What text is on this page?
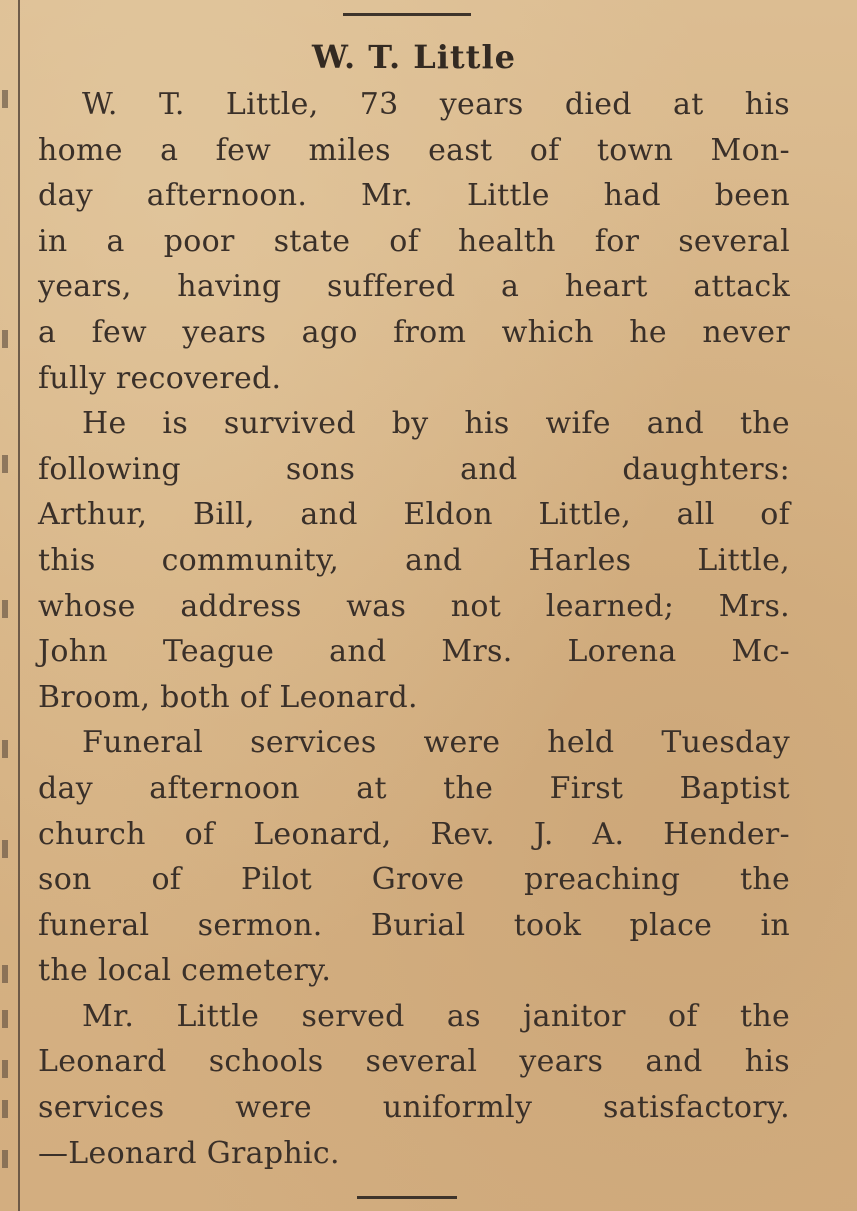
W. T. Little
W. T. Little, 73 years died at his
home a few miles east of town Mon-
day afternoon. Mr. Little had been
in a poor state of health for several
years, having suffered a heart attack
a few years ago from which he never
fully recovered.
He is survived by his wife and the
following sons and daughters:
Arthur, Bill, and Eldon Little, all of
this community, and Harles Little,
whose address was not learned; Mrs.
John Teague and Mrs. Lorena Mc-
Broom, both of Leonard.
Funeral services were held Tuesday
day afternoon at the First Baptist
church of Leonard, Rev. J. A. Hender-
son of Pilot Grove preaching the
funeral sermon. Burial took place in
the local cemetery.
Mr. Little served as janitor of the
Leonard schools several years and his
services were uniformly satisfactory.
—Leonard Graphic.
